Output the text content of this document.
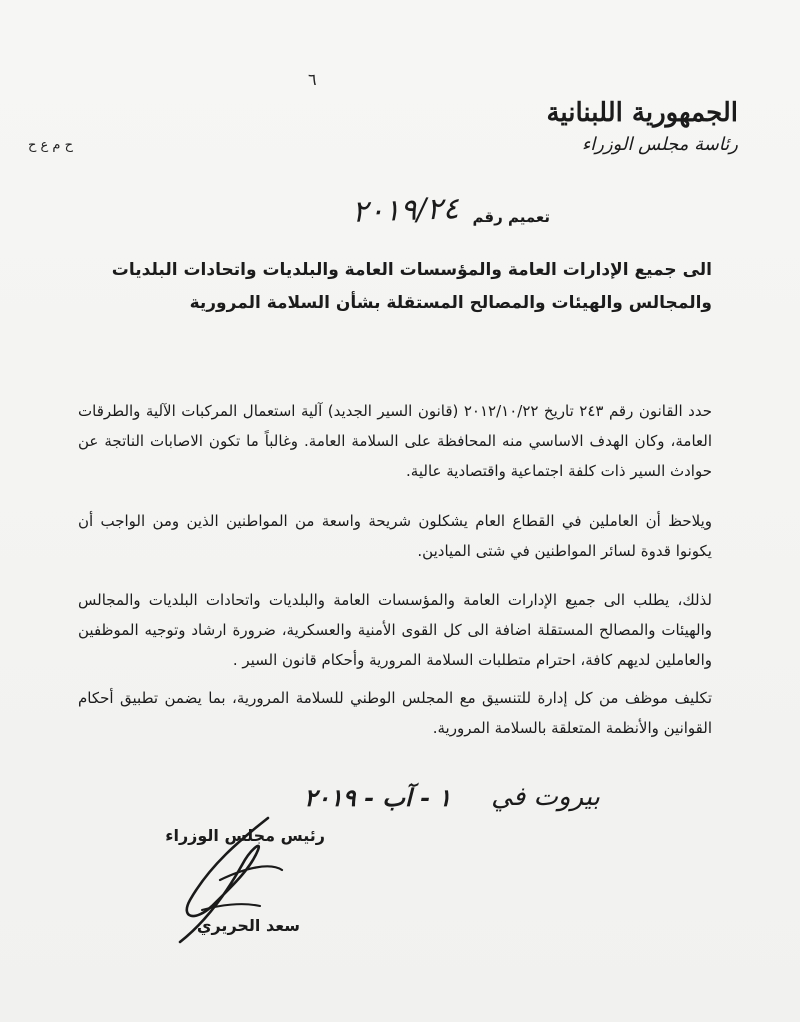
٦
الجمهورية اللبنانية
رئاسة مجلس الوزراء
ح م ع ح
تعميم رقم
٢٠١٩/٢٤
الى جميع الإدارات العامة والمؤسسات العامة والبلديات واتحادات البلديات
والمجالس والهيئات والمصالح المستقلة بشأن السلامة المرورية
حدد القانون رقم ٢٤٣ تاريخ ٢٠١٢/١٠/٢٢ (قانون السير الجديد) آلية استعمال المركبات الآلية والطرقات العامة، وكان الهدف الاساسي منه المحافظة على السلامة العامة. وغالباً ما تكون الاصابات الناتجة عن حوادث السير ذات كلفة اجتماعية واقتصادية عالية.
ويلاحظ أن العاملين في القطاع العام يشكلون شريحة واسعة من المواطنين الذين ومن الواجب أن يكونوا قدوة لسائر المواطنين في شتى الميادين.
لذلك، يطلب الى جميع الإدارات العامة والمؤسسات العامة والبلديات واتحادات البلديات والمجالس والهيئات والمصالح المستقلة اضافة الى كل القوى الأمنية والعسكرية، ضرورة ارشاد وتوجيه الموظفين والعاملين لديهم كافة، احترام متطلبات السلامة المرورية وأحكام قانون السير .
تكليف موظف من كل إدارة للتنسيق مع المجلس الوطني للسلامة المرورية، بما يضمن تطبيق أحكام القوانين والأنظمة المتعلقة بالسلامة المرورية.
بيروت في
١ - آب - ٢٠١٩
رئيس مجلس الوزراء
سعد الحريري
